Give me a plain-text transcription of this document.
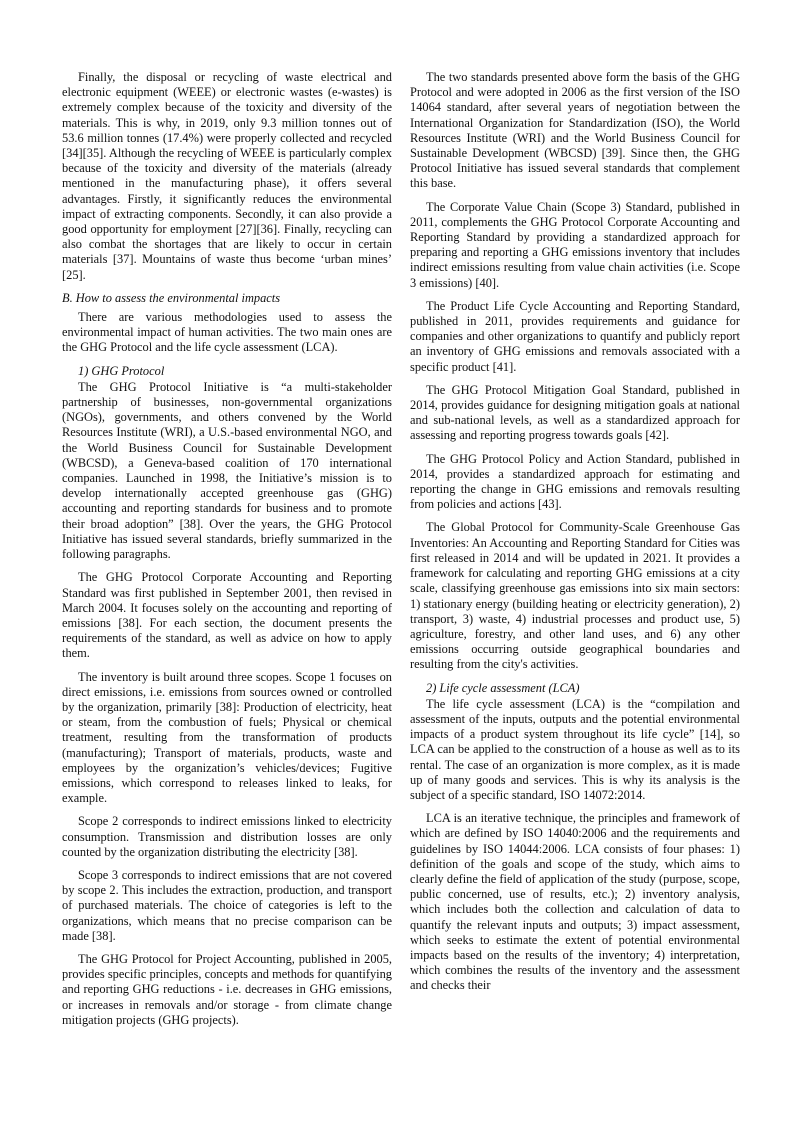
Finally, the disposal or recycling of waste electrical and electronic equipment (WEEE) or electronic wastes (e-wastes) is extremely complex because of the toxicity and diversity of the materials. This is why, in 2019, only 9.3 million tonnes out of 53.6 million tonnes (17.4%) were properly collected and recycled [34][35]. Although the recycling of WEEE is particularly complex because of the toxicity and diversity of the materials (already mentioned in the manufacturing phase), it offers several advantages. Firstly, it significantly reduces the environmental impact of extracting components. Secondly, it can also provide a good opportunity for employment [27][36]. Finally, recycling can also combat the shortages that are likely to occur in certain materials [37]. Mountains of waste thus become ‘urban mines’ [25].

B. How to assess the environmental impacts

There are various methodologies used to assess the environmental impact of human activities. The two main ones are the GHG Protocol and the life cycle assessment (LCA).

1) GHG Protocol

The GHG Protocol Initiative is “a multi-stakeholder partnership of businesses, non-governmental organizations (NGOs), governments, and others convened by the World Resources Institute (WRI), a U.S.-based environmental NGO, and the World Business Council for Sustainable Development (WBCSD), a Geneva-based coalition of 170 international companies. Launched in 1998, the Initiative’s mission is to develop internationally accepted greenhouse gas (GHG) accounting and reporting standards for business and to promote their broad adoption” [38]. Over the years, the GHG Protocol Initiative has issued several standards, briefly summarized in the following paragraphs.

The GHG Protocol Corporate Accounting and Reporting Standard was first published in September 2001, then revised in March 2004. It focuses solely on the accounting and reporting of emissions [38]. For each section, the document presents the requirements of the standard, as well as advice on how to apply them.

The inventory is built around three scopes. Scope 1 focuses on direct emissions, i.e. emissions from sources owned or controlled by the organization, primarily [38]: Production of electricity, heat or steam, from the combustion of fuels; Physical or chemical treatment, resulting from the transformation of products (manufacturing); Transport of materials, products, waste and employees by the organization’s vehicles/devices; Fugitive emissions, which correspond to releases linked to leaks, for example.

Scope 2 corresponds to indirect emissions linked to electricity consumption. Transmission and distribution losses are only counted by the organization distributing the electricity [38].

Scope 3 corresponds to indirect emissions that are not covered by scope 2. This includes the extraction, production, and transport of purchased materials. The choice of categories is left to the organizations, which means that no precise comparison can be made [38].

The GHG Protocol for Project Accounting, published in 2005, provides specific principles, concepts and methods for quantifying and reporting GHG reductions - i.e. decreases in GHG emissions, or increases in removals and/or storage - from climate change mitigation projects (GHG projects).

The two standards presented above form the basis of the GHG Protocol and were adopted in 2006 as the first version of the ISO 14064 standard, after several years of negotiation between the International Organization for Standardization (ISO), the World Resources Institute (WRI) and the World Business Council for Sustainable Development (WBCSD) [39]. Since then, the GHG Protocol Initiative has issued several standards that complement this base.

The Corporate Value Chain (Scope 3) Standard, published in 2011, complements the GHG Protocol Corporate Accounting and Reporting Standard by providing a standardized approach for preparing and reporting a GHG emissions inventory that includes indirect emissions resulting from value chain activities (i.e. Scope 3 emissions) [40].

The Product Life Cycle Accounting and Reporting Standard, published in 2011, provides requirements and guidance for companies and other organizations to quantify and publicly report an inventory of GHG emissions and removals associated with a specific product [41].

The GHG Protocol Mitigation Goal Standard, published in 2014, provides guidance for designing mitigation goals at national and sub-national levels, as well as a standardized approach for assessing and reporting progress towards goals [42].

The GHG Protocol Policy and Action Standard, published in 2014, provides a standardized approach for estimating and reporting the change in GHG emissions and removals resulting from policies and actions [43].

The Global Protocol for Community-Scale Greenhouse Gas Inventories: An Accounting and Reporting Standard for Cities was first released in 2014 and will be updated in 2021. It provides a framework for calculating and reporting GHG emissions at a city scale, classifying greenhouse gas emissions into six main sectors: 1) stationary energy (building heating or electricity generation), 2) transport, 3) waste, 4) industrial processes and product use, 5) agriculture, forestry, and other land uses, and 6) any other emissions occurring outside geographical boundaries and resulting from the city's activities.

2) Life cycle assessment (LCA)

The life cycle assessment (LCA) is the “compilation and assessment of the inputs, outputs and the potential environmental impacts of a product system throughout its life cycle” [14], so LCA can be applied to the construction of a house as well as to its rental. The case of an organization is more complex, as it is made up of many goods and services. This is why its analysis is the subject of a specific standard, ISO 14072:2014.

LCA is an iterative technique, the principles and framework of which are defined by ISO 14040:2006 and the requirements and guidelines by ISO 14044:2006. LCA consists of four phases: 1) definition of the goals and scope of the study, which aims to clearly define the field of application of the study (purpose, scope, public concerned, use of results, etc.); 2) inventory analysis, which includes both the collection and calculation of data to quantify the relevant inputs and outputs; 3) impact assessment, which seeks to estimate the extent of potential environmental impacts based on the results of the inventory; 4) interpretation, which combines the results of the inventory and the assessment and checks their
